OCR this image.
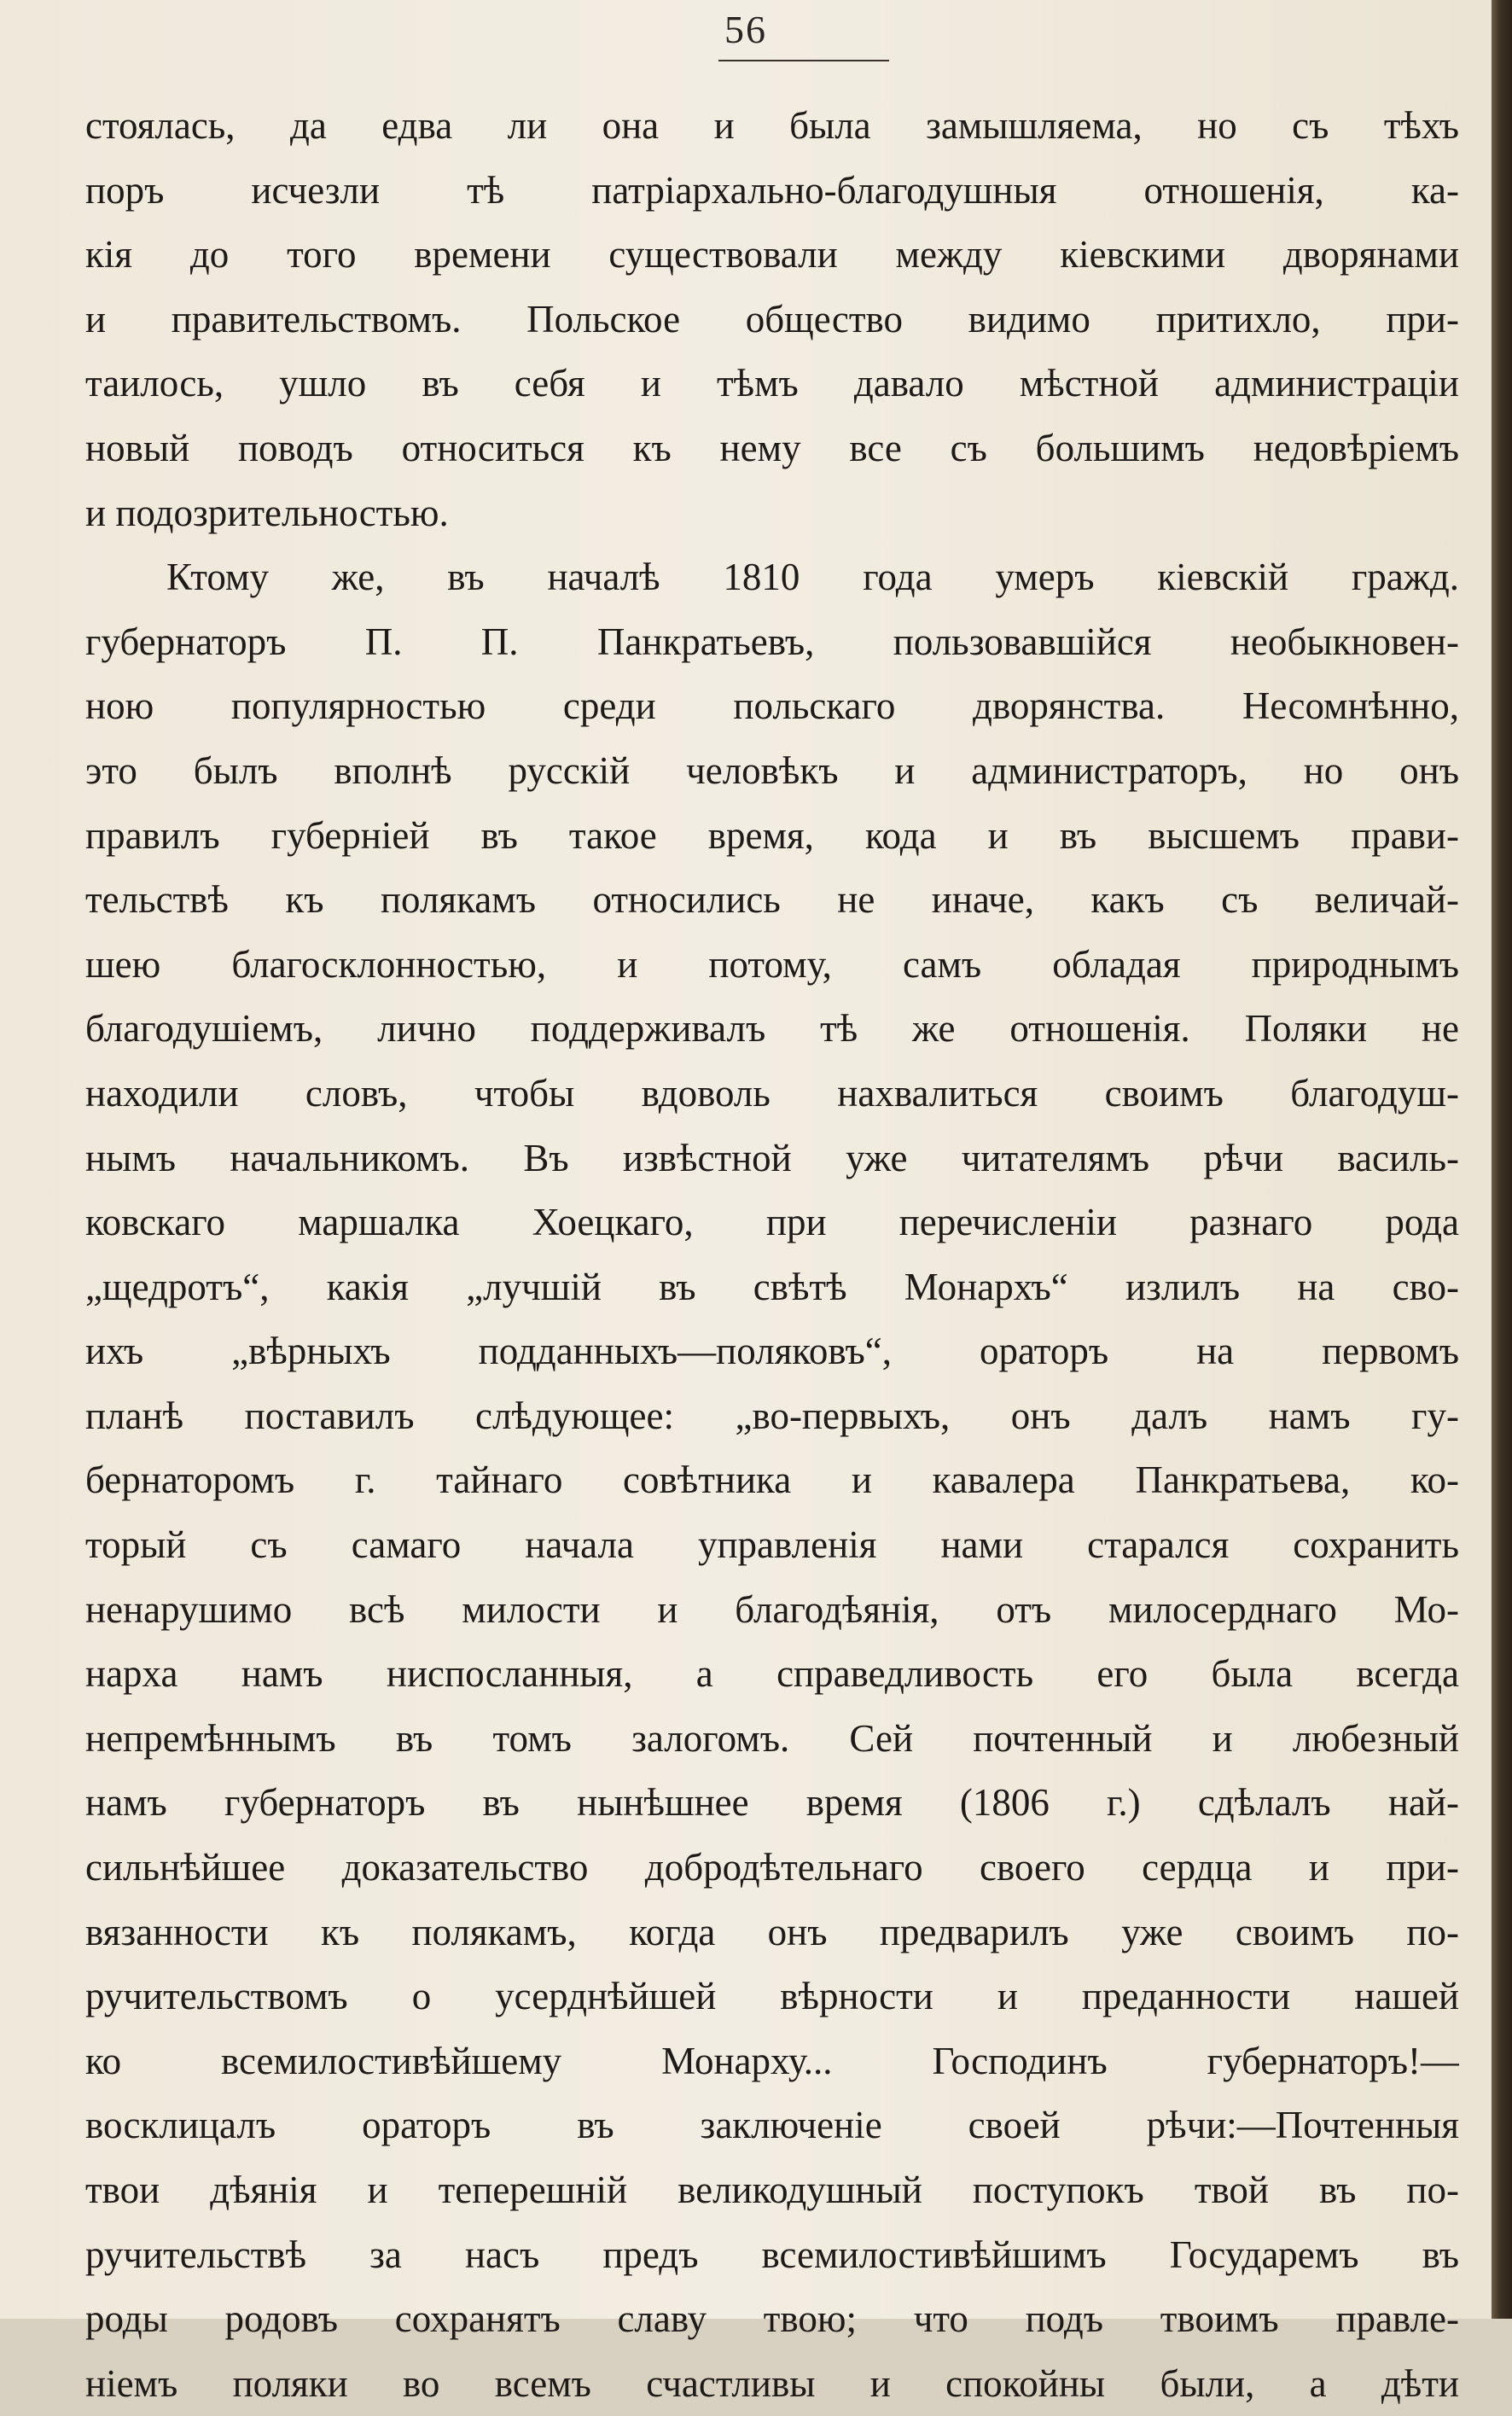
56
стоялась, да едва ли она и была замышляема, но съ тѣхъ
поръ исчезли тѣ патріархально-благодушныя отношенія, ка-
кія до того времени существовали между кіевскими дворянами
и правительствомъ. Польское общество видимо притихло, при-
таилось, ушло въ себя и тѣмъ давало мѣстной администраціи
новый поводъ относиться къ нему все съ большимъ недовѣріемъ
и подозрительностью.
Ктому же, въ началѣ 1810 года умеръ кіевскій гражд.
губернаторъ П. П. Панкратьевъ, пользовавшійся необыкновен-
ною популярностью среди польскаго дворянства. Несомнѣнно,
это былъ вполнѣ русскій человѣкъ и администраторъ, но онъ
правилъ губерніей въ такое время, кода и въ высшемъ прави-
тельствѣ къ полякамъ относились не иначе, какъ съ величай-
шею благосклонностью, и потому, самъ обладая природнымъ
благодушіемъ, лично поддерживалъ тѣ же отношенія. Поляки не
находили словъ, чтобы вдоволь нахвалиться своимъ благодуш-
нымъ начальникомъ. Въ извѣстной уже читателямъ рѣчи василь-
ковскаго маршалка Хоецкаго, при перечисленіи разнаго рода
„щедротъ“, какія „лучшій въ свѣтѣ Монархъ“ излилъ на сво-
ихъ „вѣрныхъ подданныхъ—поляковъ“, ораторъ на первомъ
планѣ поставилъ слѣдующее: „во-первыхъ, онъ далъ намъ гу-
бернаторомъ г. тайнаго совѣтника и кавалера Панкратьева, ко-
торый съ самаго начала управленія нами старался сохранить
ненарушимо всѣ милости и благодѣянія, отъ милосерднаго Мо-
нарха намъ ниспосланныя, а справедливость его была всегда
непремѣннымъ въ томъ залогомъ. Сей почтенный и любезный
намъ губернаторъ въ нынѣшнее время (1806 г.) сдѣлалъ най-
сильнѣйшее доказательство добродѣтельнаго своего сердца и при-
вязанности къ полякамъ, когда онъ предварилъ уже своимъ по-
ручительствомъ о усерднѣйшей вѣрности и преданности нашей
ко всемилостивѣйшему Монарху... Господинъ губернаторъ!—
восклицалъ ораторъ въ заключеніе своей рѣчи:—Почтенныя
твои дѣянія и теперешній великодушный поступокъ твой въ по-
ручительствѣ за насъ предъ всемилостивѣйшимъ Государемъ въ
роды родовъ сохранятъ славу твою; что подъ твоимъ правле-
ніемъ поляки во всемъ счастливы и спокойны были, а дѣти
